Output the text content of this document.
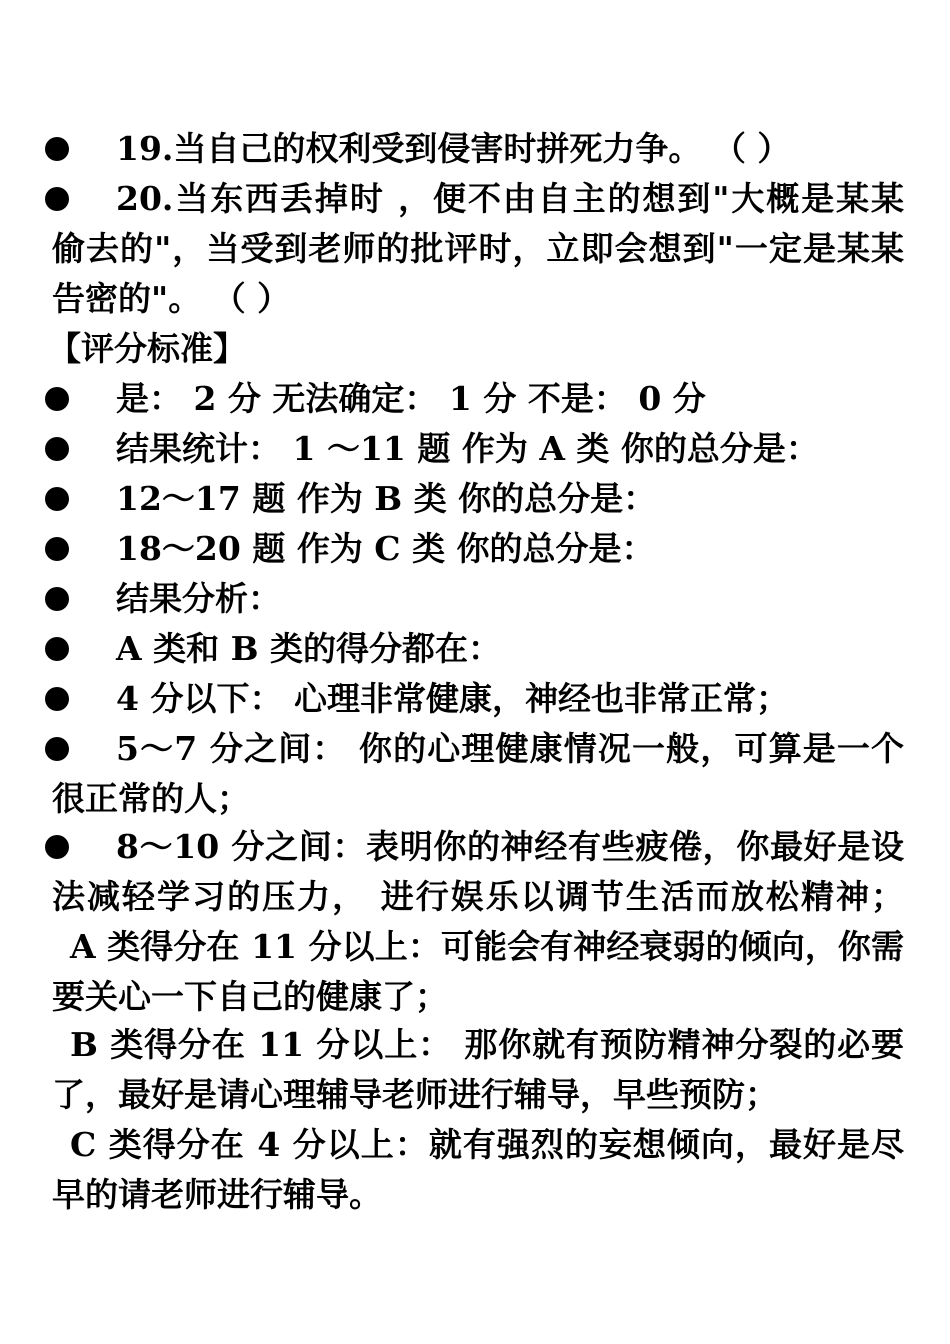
19.当自己的权利受到侵害时拼死力争。 （ ）
20.当东西丢掉时 ，便不由自主的想到"大概是某某
偷去的"，当受到老师的批评时，立即会想到"一定是某某
告密的"。 （ ）
【评分标准】
是： 2 分 无法确定： 1 分 不是： 0 分
结果统计： 1 ～11 题 作为 A 类 你的总分是：
12～17 题 作为 B 类 你的总分是：
18～20 题 作为 C 类 你的总分是：
结果分析：
A 类和 B 类的得分都在：
4 分以下： 心理非常健康，神经也非常正常；
5～7 分之间： 你的心理健康情况一般，可算是一个
很正常的人；
8～10 分之间：表明你的神经有些疲倦，你最好是设
法减轻学习的压力， 进行娱乐以调节生活而放松精神；
A 类得分在 11 分以上：可能会有神经衰弱的倾向，你需
要关心一下自己的健康了；
B 类得分在 11 分以上： 那你就有预防精神分裂的必要
了，最好是请心理辅导老师进行辅导，早些预防；
C 类得分在 4 分以上：就有强烈的妄想倾向，最好是尽
早的请老师进行辅导。
